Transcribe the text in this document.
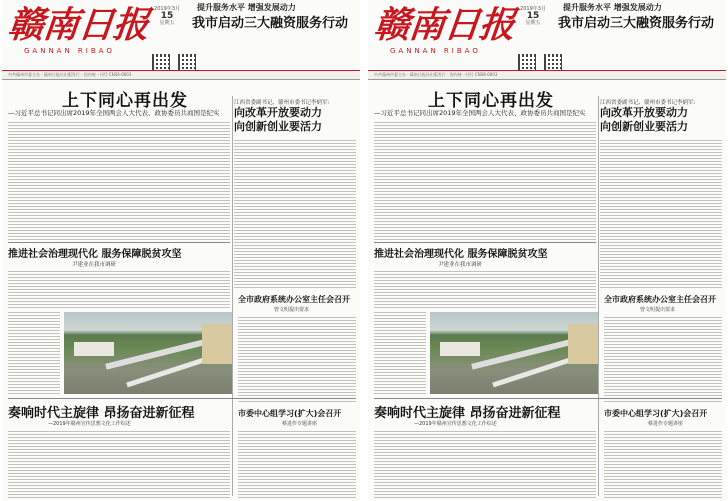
赣南日报
GANNAN RIBAO
2019年3月
15
星期五
提升服务水平 增强发展动力
我市启动三大融资服务行动
中共赣州市委主办 · 赣南日报社出版发行 · 国内统一刊号 CN36-0003
上下同心再出发
—习近平总书记同出席2019年全国两会人大代表、政协委员共商国是纪实
江西省委副书记、赣州市委书记李炳军:
向改革开放要动力
向创新创业要活力
推进社会治理现代化 服务保障脱贫攻坚
尹建业在我市调研
全市政府系统办公室主任会召开
曾文明提出要求
奏响时代主旋律 昂扬奋进新征程
—2019年赣州宣传思想文化工作综述
市委中心组学习(扩大)会召开
蔡进作专题讲座
赣南日报
GANNAN RIBAO
2019年3月
15
星期五
提升服务水平 增强发展动力
我市启动三大融资服务行动
中共赣州市委主办 · 赣南日报社出版发行 · 国内统一刊号 CN36-0003
上下同心再出发
—习近平总书记同出席2019年全国两会人大代表、政协委员共商国是纪实
江西省委副书记、赣州市委书记李炳军:
向改革开放要动力
向创新创业要活力
推进社会治理现代化 服务保障脱贫攻坚
尹建业在我市调研
全市政府系统办公室主任会召开
曾文明提出要求
奏响时代主旋律 昂扬奋进新征程
—2019年赣州宣传思想文化工作综述
市委中心组学习(扩大)会召开
蔡进作专题讲座
